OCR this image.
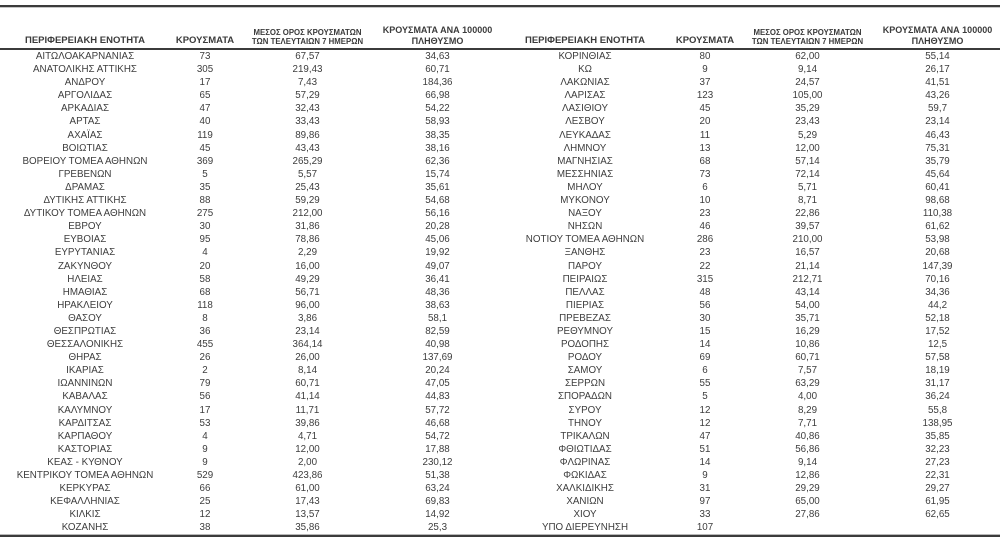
ΠΕΡΙΦΕΡΕΙΑΚΗ ΕΝΟΤΗΤΑ	ΚΡΟΥΣΜΑΤΑ	ΜΕΣΟΣ ΟΡΟΣ ΚΡΟΥΣΜΑΤΩΝ
ΤΩΝ ΤΕΛΕΥΤΑΙΩΝ 7 ΗΜΕΡΩΝ	ΚΡΟΥΣΜΑΤΑ ΑΝΑ 100000
ΠΛΗΘΥΣΜΟ
ΑΙΤΩΛΟΑΚΑΡΝΑΝΙΑΣ	73	67,57	34,63
ΑΝΑΤΟΛΙΚΗΣ ΑΤΤΙΚΗΣ	305	219,43	60,71
ΑΝΔΡΟΥ	17	7,43	184,36
ΑΡΓΟΛΙΔΑΣ	65	57,29	66,98
ΑΡΚΑΔΙΑΣ	47	32,43	54,22
ΑΡΤΑΣ	40	33,43	58,93
ΑΧΑΪΑΣ	119	89,86	38,35
ΒΟΙΩΤΙΑΣ	45	43,43	38,16
ΒΟΡΕΙΟΥ ΤΟΜΕΑ ΑΘΗΝΩΝ	369	265,29	62,36
ΓΡΕΒΕΝΩΝ	5	5,57	15,74
ΔΡΑΜΑΣ	35	25,43	35,61
ΔΥΤΙΚΗΣ ΑΤΤΙΚΗΣ	88	59,29	54,68
ΔΥΤΙΚΟΥ ΤΟΜΕΑ ΑΘΗΝΩΝ	275	212,00	56,16
ΕΒΡΟΥ	30	31,86	20,28
ΕΥΒΟΙΑΣ	95	78,86	45,06
ΕΥΡΥΤΑΝΙΑΣ	4	2,29	19,92
ΖΑΚΥΝΘΟΥ	20	16,00	49,07
ΗΛΕΙΑΣ	58	49,29	36,41
ΗΜΑΘΙΑΣ	68	56,71	48,36
ΗΡΑΚΛΕΙΟΥ	118	96,00	38,63
ΘΑΣΟΥ	8	3,86	58,1
ΘΕΣΠΡΩΤΙΑΣ	36	23,14	82,59
ΘΕΣΣΑΛΟΝΙΚΗΣ	455	364,14	40,98
ΘΗΡΑΣ	26	26,00	137,69
ΙΚΑΡΙΑΣ	2	8,14	20,24
ΙΩΑΝΝΙΝΩΝ	79	60,71	47,05
ΚΑΒΑΛΑΣ	56	41,14	44,83
ΚΑΛΥΜΝΟΥ	17	11,71	57,72
ΚΑΡΔΙΤΣΑΣ	53	39,86	46,68
ΚΑΡΠΑΘΟΥ	4	4,71	54,72
ΚΑΣΤΟΡΙΑΣ	9	12,00	17,88
ΚΕΑΣ - ΚΥΘΝΟΥ	9	2,00	230,12
ΚΕΝΤΡΙΚΟΥ ΤΟΜΕΑ ΑΘΗΝΩΝ	529	423,86	51,38
ΚΕΡΚΥΡΑΣ	66	61,00	63,24
ΚΕΦΑΛΛΗΝΙΑΣ	25	17,43	69,83
ΚΙΛΚΙΣ	12	13,57	14,92
ΚΟΖΑΝΗΣ	38	35,86	25,3
ΠΕΡΙΦΕΡΕΙΑΚΗ ΕΝΟΤΗΤΑ	ΚΡΟΥΣΜΑΤΑ	ΜΕΣΟΣ ΟΡΟΣ ΚΡΟΥΣΜΑΤΩΝ
ΤΩΝ ΤΕΛΕΥΤΑΙΩΝ 7 ΗΜΕΡΩΝ	ΚΡΟΥΣΜΑΤΑ ΑΝΑ 100000
ΠΛΗΘΥΣΜΟ
ΚΟΡΙΝΘΙΑΣ	80	62,00	55,14
ΚΩ	9	9,14	26,17
ΛΑΚΩΝΙΑΣ	37	24,57	41,51
ΛΑΡΙΣΑΣ	123	105,00	43,26
ΛΑΣΙΘΙΟΥ	45	35,29	59,7
ΛΕΣΒΟΥ	20	23,43	23,14
ΛΕΥΚΑΔΑΣ	11	5,29	46,43
ΛΗΜΝΟΥ	13	12,00	75,31
ΜΑΓΝΗΣΙΑΣ	68	57,14	35,79
ΜΕΣΣΗΝΙΑΣ	73	72,14	45,64
ΜΗΛΟΥ	6	5,71	60,41
ΜΥΚΟΝΟΥ	10	8,71	98,68
ΝΑΞΟΥ	23	22,86	110,38
ΝΗΣΩΝ	46	39,57	61,62
ΝΟΤΙΟΥ ΤΟΜΕΑ ΑΘΗΝΩΝ	286	210,00	53,98
ΞΑΝΘΗΣ	23	16,57	20,68
ΠΑΡΟΥ	22	21,14	147,39
ΠΕΙΡΑΙΩΣ	315	212,71	70,16
ΠΕΛΛΑΣ	48	43,14	34,36
ΠΙΕΡΙΑΣ	56	54,00	44,2
ΠΡΕΒΕΖΑΣ	30	35,71	52,18
ΡΕΘΥΜΝΟΥ	15	16,29	17,52
ΡΟΔΟΠΗΣ	14	10,86	12,5
ΡΟΔΟΥ	69	60,71	57,58
ΣΑΜΟΥ	6	7,57	18,19
ΣΕΡΡΩΝ	55	63,29	31,17
ΣΠΟΡΑΔΩΝ	5	4,00	36,24
ΣΥΡΟΥ	12	8,29	55,8
ΤΗΝΟΥ	12	7,71	138,95
ΤΡΙΚΑΛΩΝ	47	40,86	35,85
ΦΘΙΩΤΙΔΑΣ	51	56,86	32,23
ΦΛΩΡΙΝΑΣ	14	9,14	27,23
ΦΩΚΙΔΑΣ	9	12,86	22,31
ΧΑΛΚΙΔΙΚΗΣ	31	29,29	29,27
ΧΑΝΙΩΝ	97	65,00	61,95
ΧΙΟΥ	33	27,86	62,65
ΥΠΟ ΔΙΕΡΕΥΝΗΣΗ	107		
